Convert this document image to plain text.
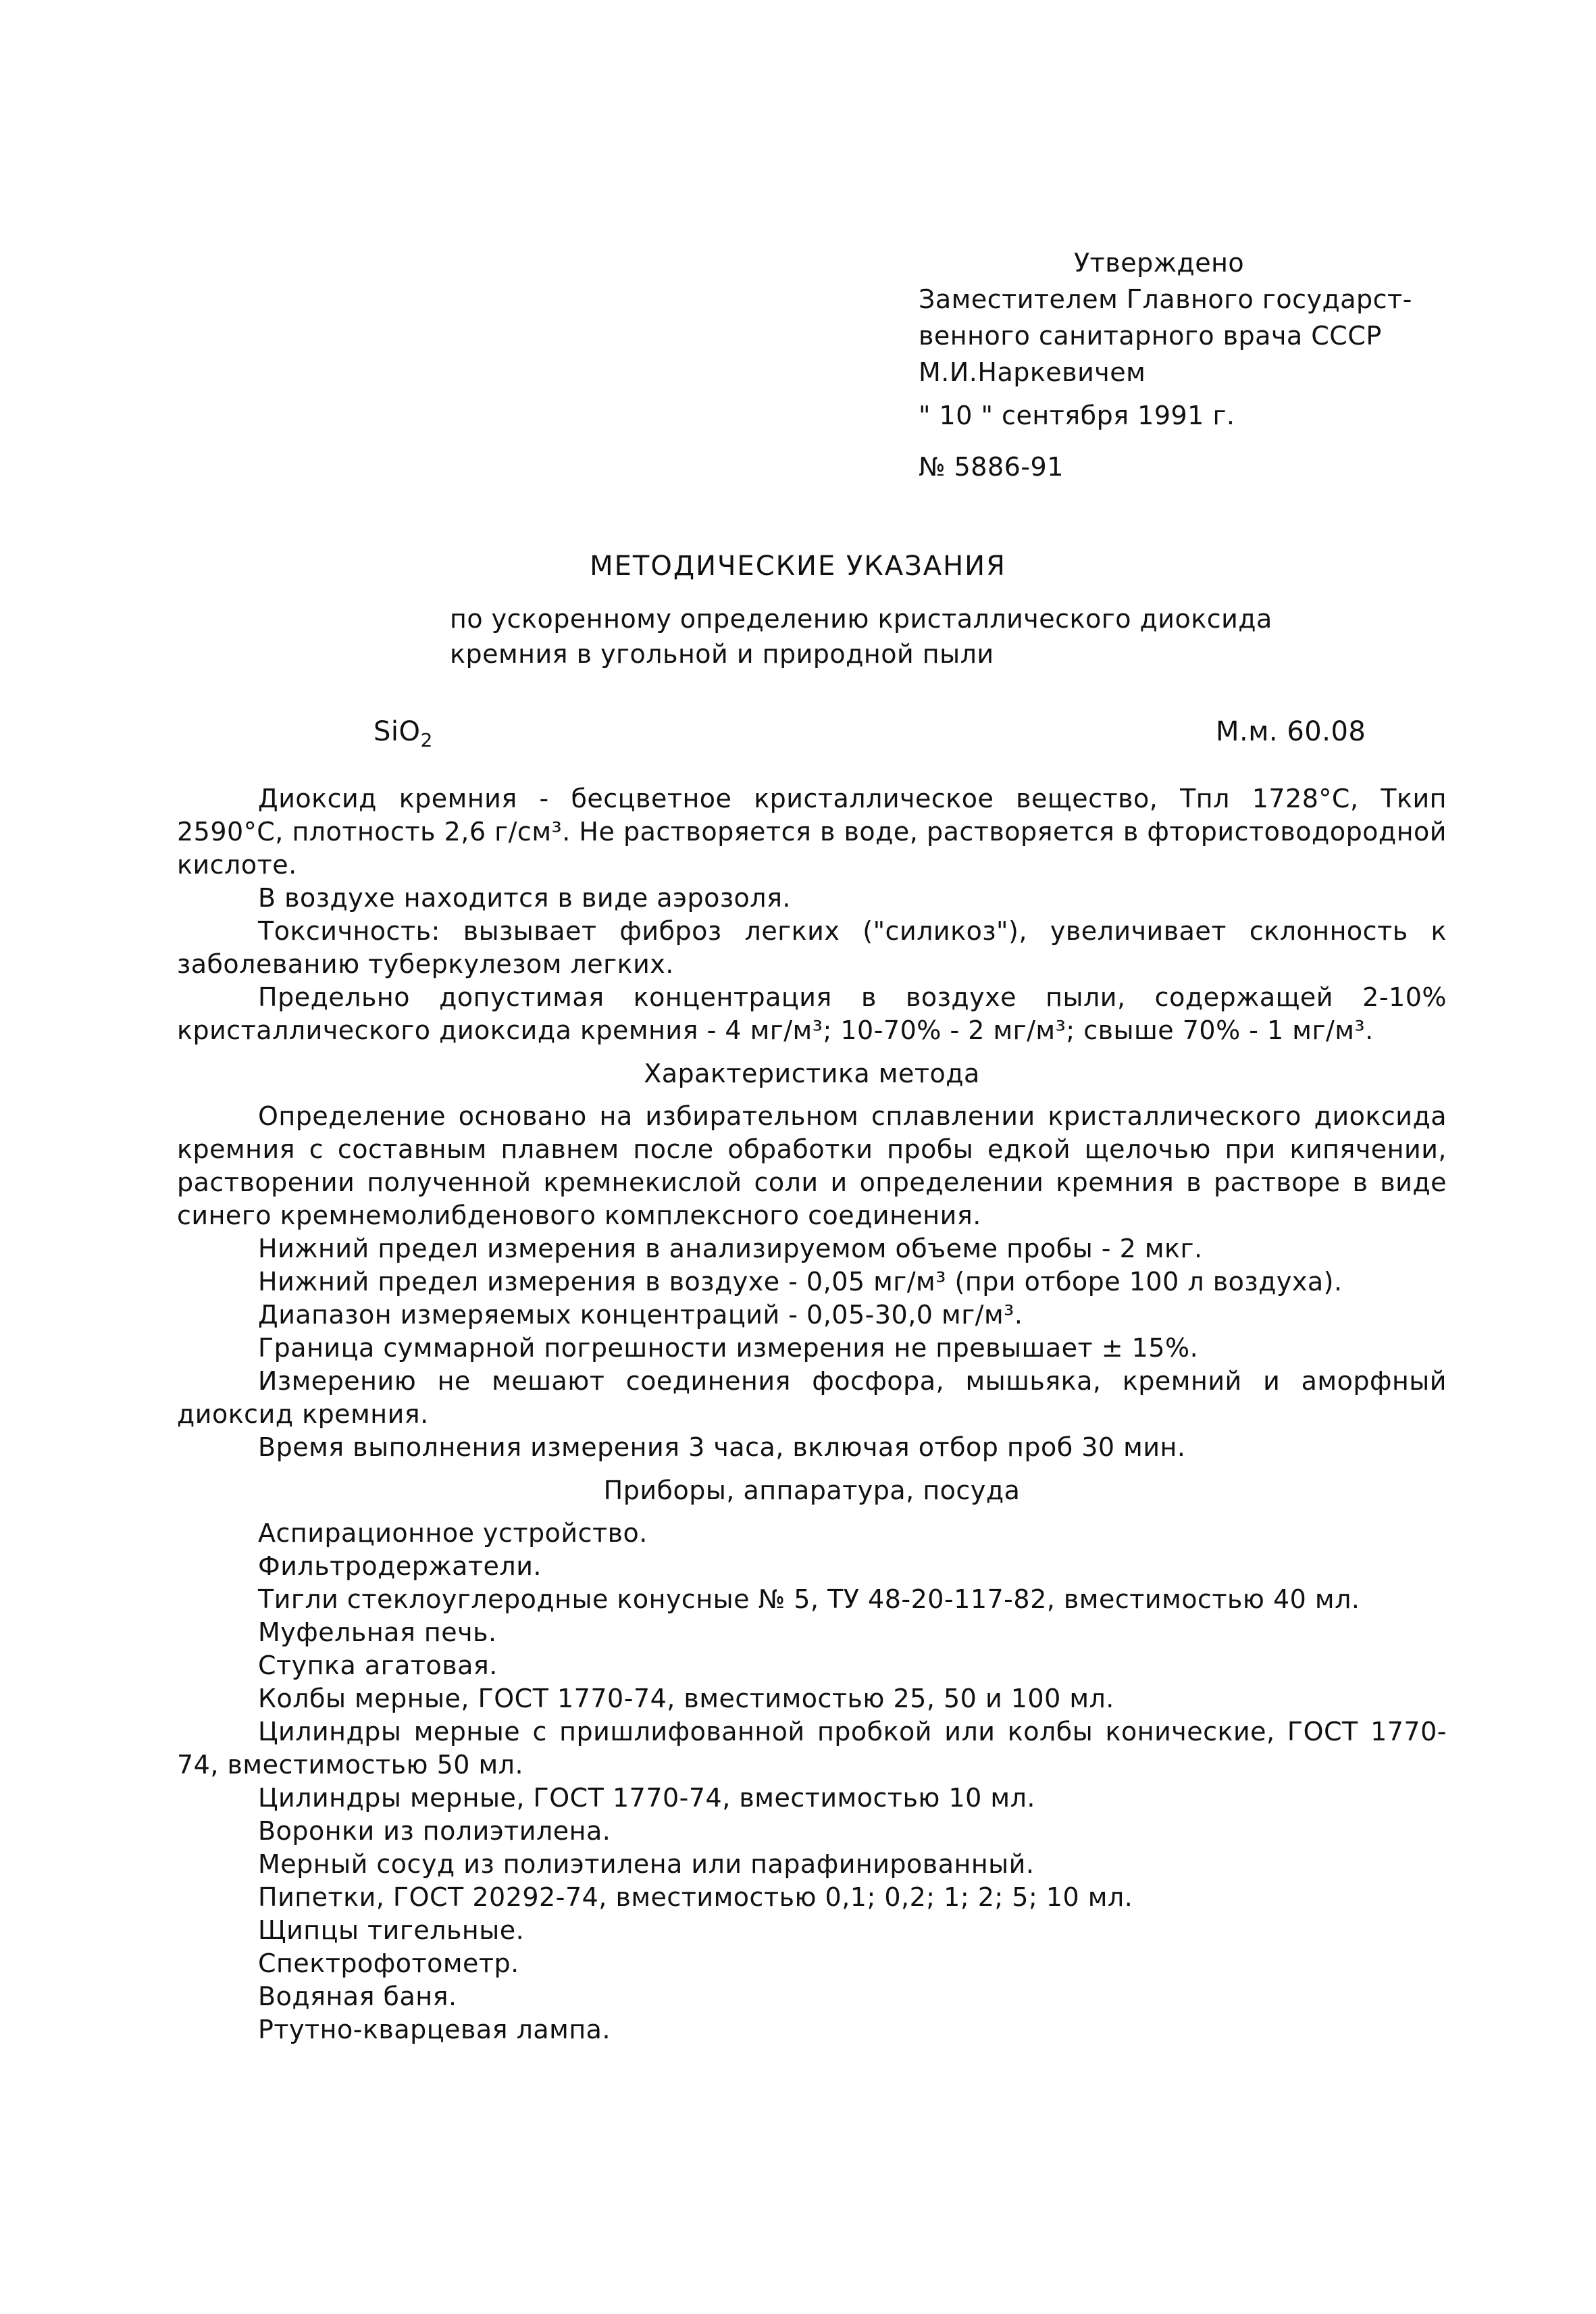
Утверждено
Заместителем Главного государст-
венного санитарного врача СССР
М.И.Наркевичем
" 10 " сентября 1991 г.
№ 5886-91
МЕТОДИЧЕСКИЕ УКАЗАНИЯ
по ускоренному определению кристаллического диоксида
кремния в угольной и природной пыли
SiO$_2$	М.м. 60.08

Диоксид кремния - бесцветное кристаллическое вещество, Тпл 1728°С, Ткип 2590°С, плотность 2,6 г/см³. Не растворяется в воде, растворяется в фтористоводородной кислоте.

В воздухе находится в виде аэрозоля.

Токсичность: вызывает фиброз легких ("силикоз"), увеличивает склонность к заболеванию туберкулезом легких.

Предельно допустимая концентрация в воздухе пыли, содержащей 2-10% кристаллического диоксида кремния - 4 мг/м³; 10-70% - 2 мг/м³; свыше 70% - 1 мг/м³.

Характеристика метода

Определение основано на избирательном сплавлении кристаллического диоксида кремния с составным плавнем после обработки пробы едкой щелочью при кипячении, растворении полученной кремнекислой соли и определении кремния в растворе в виде синего кремнемолибденового комплексного соединения.

Нижний предел измерения в анализируемом объеме пробы - 2 мкг.

Нижний предел измерения в воздухе - 0,05 мг/м³ (при отборе 100 л воздуха).

Диапазон измеряемых концентраций - 0,05-30,0 мг/м³.

Граница суммарной погрешности измерения не превышает ± 15%.

Измерению не мешают соединения фосфора, мышьяка, кремний и аморфный диоксид кремния.

Время выполнения измерения 3 часа, включая отбор проб 30 мин.

Приборы, аппаратура, посуда

Аспирационное устройство.

Фильтродержатели.

Тигли стеклоуглеродные конусные № 5, ТУ 48-20-117-82, вместимостью 40 мл.

Муфельная печь.

Ступка агатовая.

Колбы мерные, ГОСТ 1770-74, вместимостью 25, 50 и 100 мл.

Цилиндры мерные с пришлифованной пробкой или колбы конические, ГОСТ 1770-74, вместимостью 50 мл.

Цилиндры мерные, ГОСТ 1770-74, вместимостью 10 мл.

Воронки из полиэтилена.

Мерный сосуд из полиэтилена или парафинированный.

Пипетки, ГОСТ 20292-74, вместимостью 0,1; 0,2; 1; 2; 5; 10 мл.

Щипцы тигельные.

Спектрофотометр.

Водяная баня.

Ртутно-кварцевая лампа.
